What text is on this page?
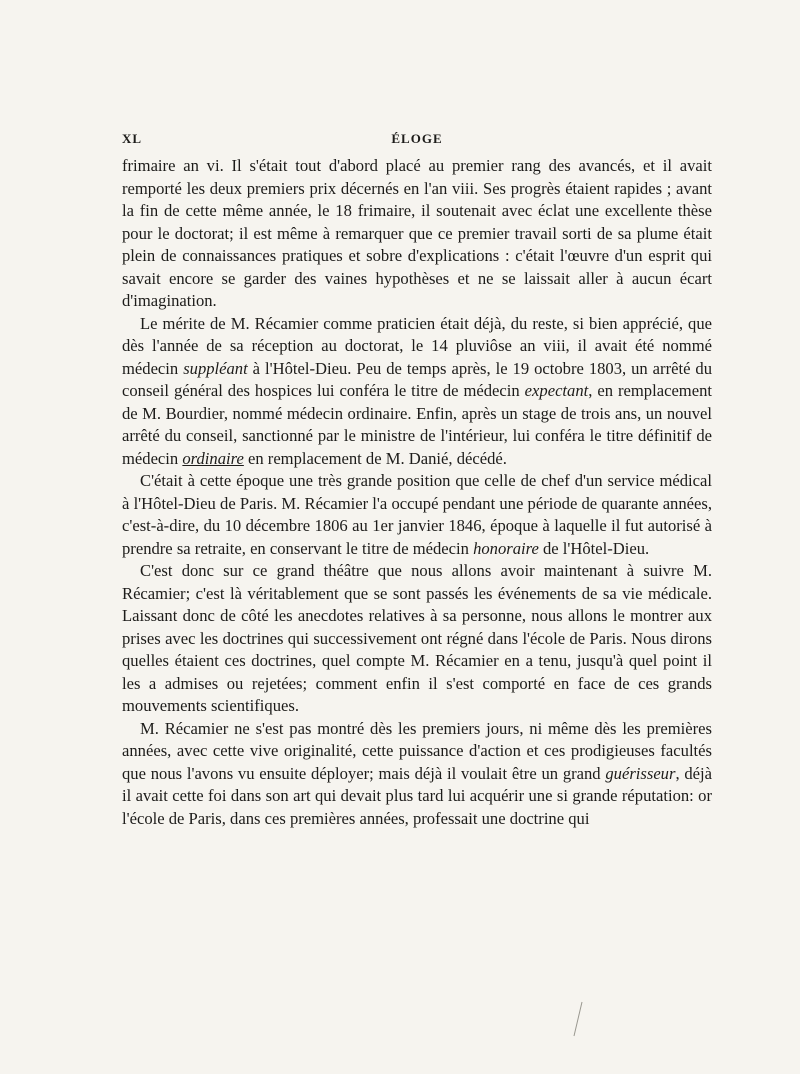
XL	ÉLOGE

frimaire an vi. Il s'était tout d'abord placé au premier rang des avancés, et il avait remporté les deux premiers prix décernés en l'an viii. Ses progrès étaient rapides ; avant la fin de cette même année, le 18 frimaire, il soutenait avec éclat une excellente thèse pour le doctorat; il est même à remarquer que ce premier travail sorti de sa plume était plein de connaissances pratiques et sobre d'explications : c'était l'œuvre d'un esprit qui savait encore se garder des vaines hypothèses et ne se laissait aller à aucun écart d'imagination.

Le mérite de M. Récamier comme praticien était déjà, du reste, si bien apprécié, que dès l'année de sa réception au doctorat, le 14 pluviôse an viii, il avait été nommé médecin suppléant à l'Hôtel-Dieu. Peu de temps après, le 19 octobre 1803, un arrêté du conseil général des hospices lui conféra le titre de médecin expectant, en remplacement de M. Bourdier, nommé médecin ordinaire. Enfin, après un stage de trois ans, un nouvel arrêté du conseil, sanctionné par le ministre de l'intérieur, lui conféra le titre définitif de médecin ordinaire en remplacement de M. Danié, décédé.

C'était à cette époque une très grande position que celle de chef d'un service médical à l'Hôtel-Dieu de Paris. M. Récamier l'a occupé pendant une période de quarante années, c'est-à-dire, du 10 décembre 1806 au 1er janvier 1846, époque à laquelle il fut autorisé à prendre sa retraite, en conservant le titre de médecin honoraire de l'Hôtel-Dieu.

C'est donc sur ce grand théâtre que nous allons avoir maintenant à suivre M. Récamier; c'est là véritablement que se sont passés les événements de sa vie médicale. Laissant donc de côté les anecdotes relatives à sa personne, nous allons le montrer aux prises avec les doctrines qui successivement ont régné dans l'école de Paris. Nous dirons quelles étaient ces doctrines, quel compte M. Récamier en a tenu, jusqu'à quel point il les a admises ou rejetées; comment enfin il s'est comporté en face de ces grands mouvements scientifiques.

M. Récamier ne s'est pas montré dès les premiers jours, ni même dès les premières années, avec cette vive originalité, cette puissance d'action et ces prodigieuses facultés que nous l'avons vu ensuite déployer; mais déjà il voulait être un grand guérisseur, déjà il avait cette foi dans son art qui devait plus tard lui acquérir une si grande réputation: or l'école de Paris, dans ces premières années, professait une doctrine qui
